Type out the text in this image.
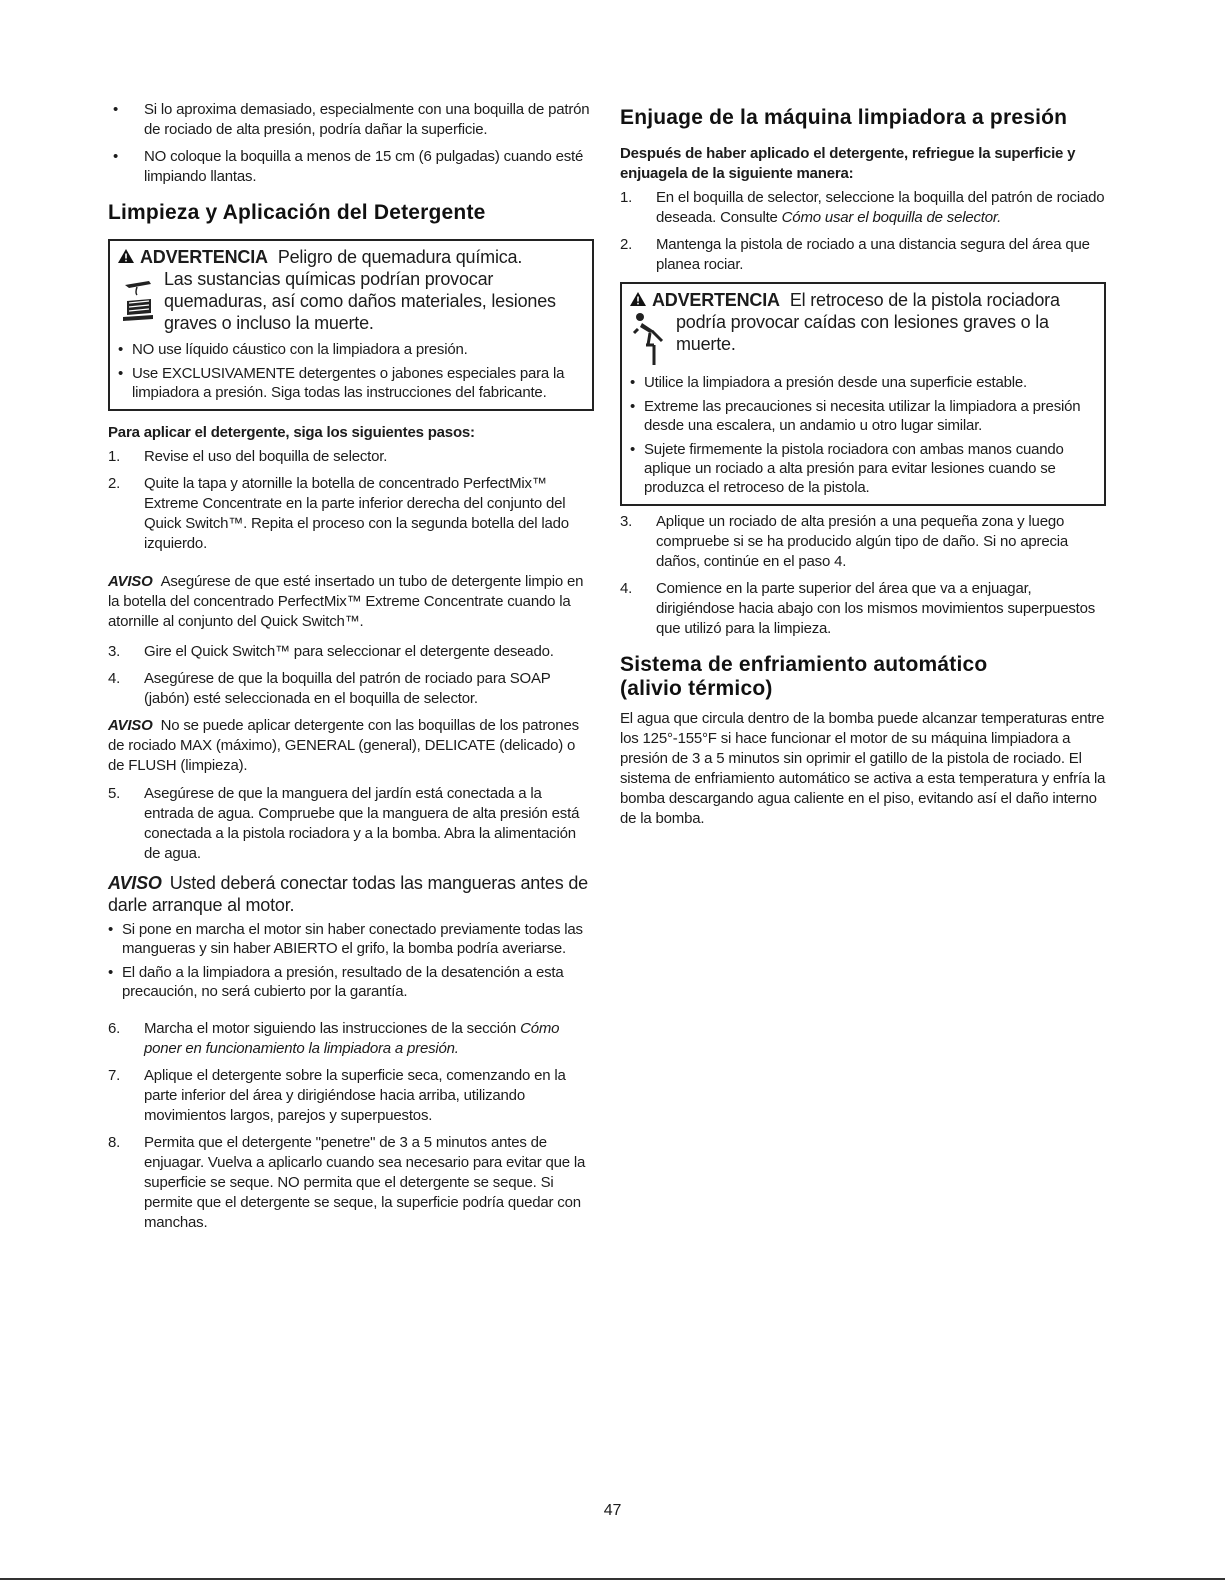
• Si lo aproxima demasiado, especialmente con una boquilla de patrón de rociado de alta presión, podría dañar la superficie.
• NO coloque la boquilla a menos de 15 cm (6 pulgadas) cuando esté limpiando llantas.
Limpieza y Aplicación del Detergente
ADVERTENCIA Peligro de quemadura química.
Las sustancias químicas podrían provocar quemaduras, así como daños materiales, lesiones graves o incluso la muerte.
• NO use líquido cáustico con la limpiadora a presión.
• Use EXCLUSIVAMENTE detergentes o jabones especiales para la limpiadora a presión. Siga todas las instrucciones del fabricante.

Para aplicar el detergente, siga los siguientes pasos:

1.	Revise el uso del boquilla de selector.
2.	Quite la tapa y atornille la botella de concentrado PerfectMix™ Extreme Concentrate en la parte inferior derecha del conjunto del Quick Switch™. Repita el proceso con la segunda botella del lado izquierdo.

AVISO Asegúrese de que esté insertado un tubo de detergente limpio en la botella del concentrado PerfectMix™ Extreme Concentrate cuando la atornille al conjunto del Quick Switch™.

3.	Gire el Quick Switch™ para seleccionar el detergente deseado.
4.	Asegúrese de que la boquilla del patrón de rociado para SOAP (jabón) esté seleccionada en el boquilla de selector.

AVISO No se puede aplicar detergente con las boquillas de los patrones de rociado MAX (máximo), GENERAL (general), DELICATE (delicado) o de FLUSH (limpieza).

5.	Asegúrese de que la manguera del jardín está conectada a la entrada de agua. Compruebe que la manguera de alta presión está conectada a la pistola rociadora y a la bomba. Abra la alimentación de agua.

AVISO Usted deberá conectar todas las mangueras antes de darle arranque al motor.

• Si pone en marcha el motor sin haber conectado previamente todas las mangueras y sin haber ABIERTO el grifo, la bomba podría averiarse.
• El daño a la limpiadora a presión, resultado de la desatención a esta precaución, no será cubierto por la garantía.
6.	Marcha el motor siguiendo las instrucciones de la sección Cómo poner en funcionamiento la limpiadora a presión.
7.	Aplique el detergente sobre la superficie seca, comenzando en la parte inferior del área y dirigiéndose hacia arriba, utilizando movimientos largos, parejos y superpuestos.
8.	Permita que el detergente "penetre" de 3 a 5 minutos antes de enjuagar. Vuelva a aplicarlo cuando sea necesario para evitar que la superficie se seque. NO permita que el detergente se seque. Si permite que el detergente se seque, la superficie podría quedar con manchas.
Enjuage de la máquina limpiadora a presión

Después de haber aplicado el detergente, refriegue la superficie y enjuagela de la siguiente manera:

1.	En el boquilla de selector, seleccione la boquilla del patrón de rociado deseada. Consulte Cómo usar el boquilla de selector.
2.	Mantenga la pistola de rociado a una distancia segura del área que planea rociar.
ADVERTENCIA El retroceso de la pistola rociadora
podría provocar caídas con lesiones graves o la muerte.
• Utilice la limpiadora a presión desde una superficie estable.
• Extreme las precauciones si necesita utilizar la limpiadora a presión desde una escalera, un andamio u otro lugar similar.
• Sujete firmemente la pistola rociadora con ambas manos cuando aplique un rociado a alta presión para evitar lesiones cuando se produzca el retroceso de la pistola.
3.	Aplique un rociado de alta presión a una pequeña zona y luego compruebe si se ha producido algún tipo de daño. Si no aprecia daños, continúe en el paso 4.
4.	Comience en la parte superior del área que va a enjuagar, dirigiéndose hacia abajo con los mismos movimientos superpuestos que utilizó para la limpieza.
Sistema de enfriamiento automático
(alivio térmico)

El agua que circula dentro de la bomba puede alcanzar temperaturas entre los 125°-155°F si hace funcionar el motor de su máquina limpiadora a presión de 3 a 5 minutos sin oprimir el gatillo de la pistola de rociado. El sistema de enfriamiento automático se activa a esta temperatura y enfría la bomba descargando agua caliente en el piso, evitando así el daño interno de la bomba.

47
